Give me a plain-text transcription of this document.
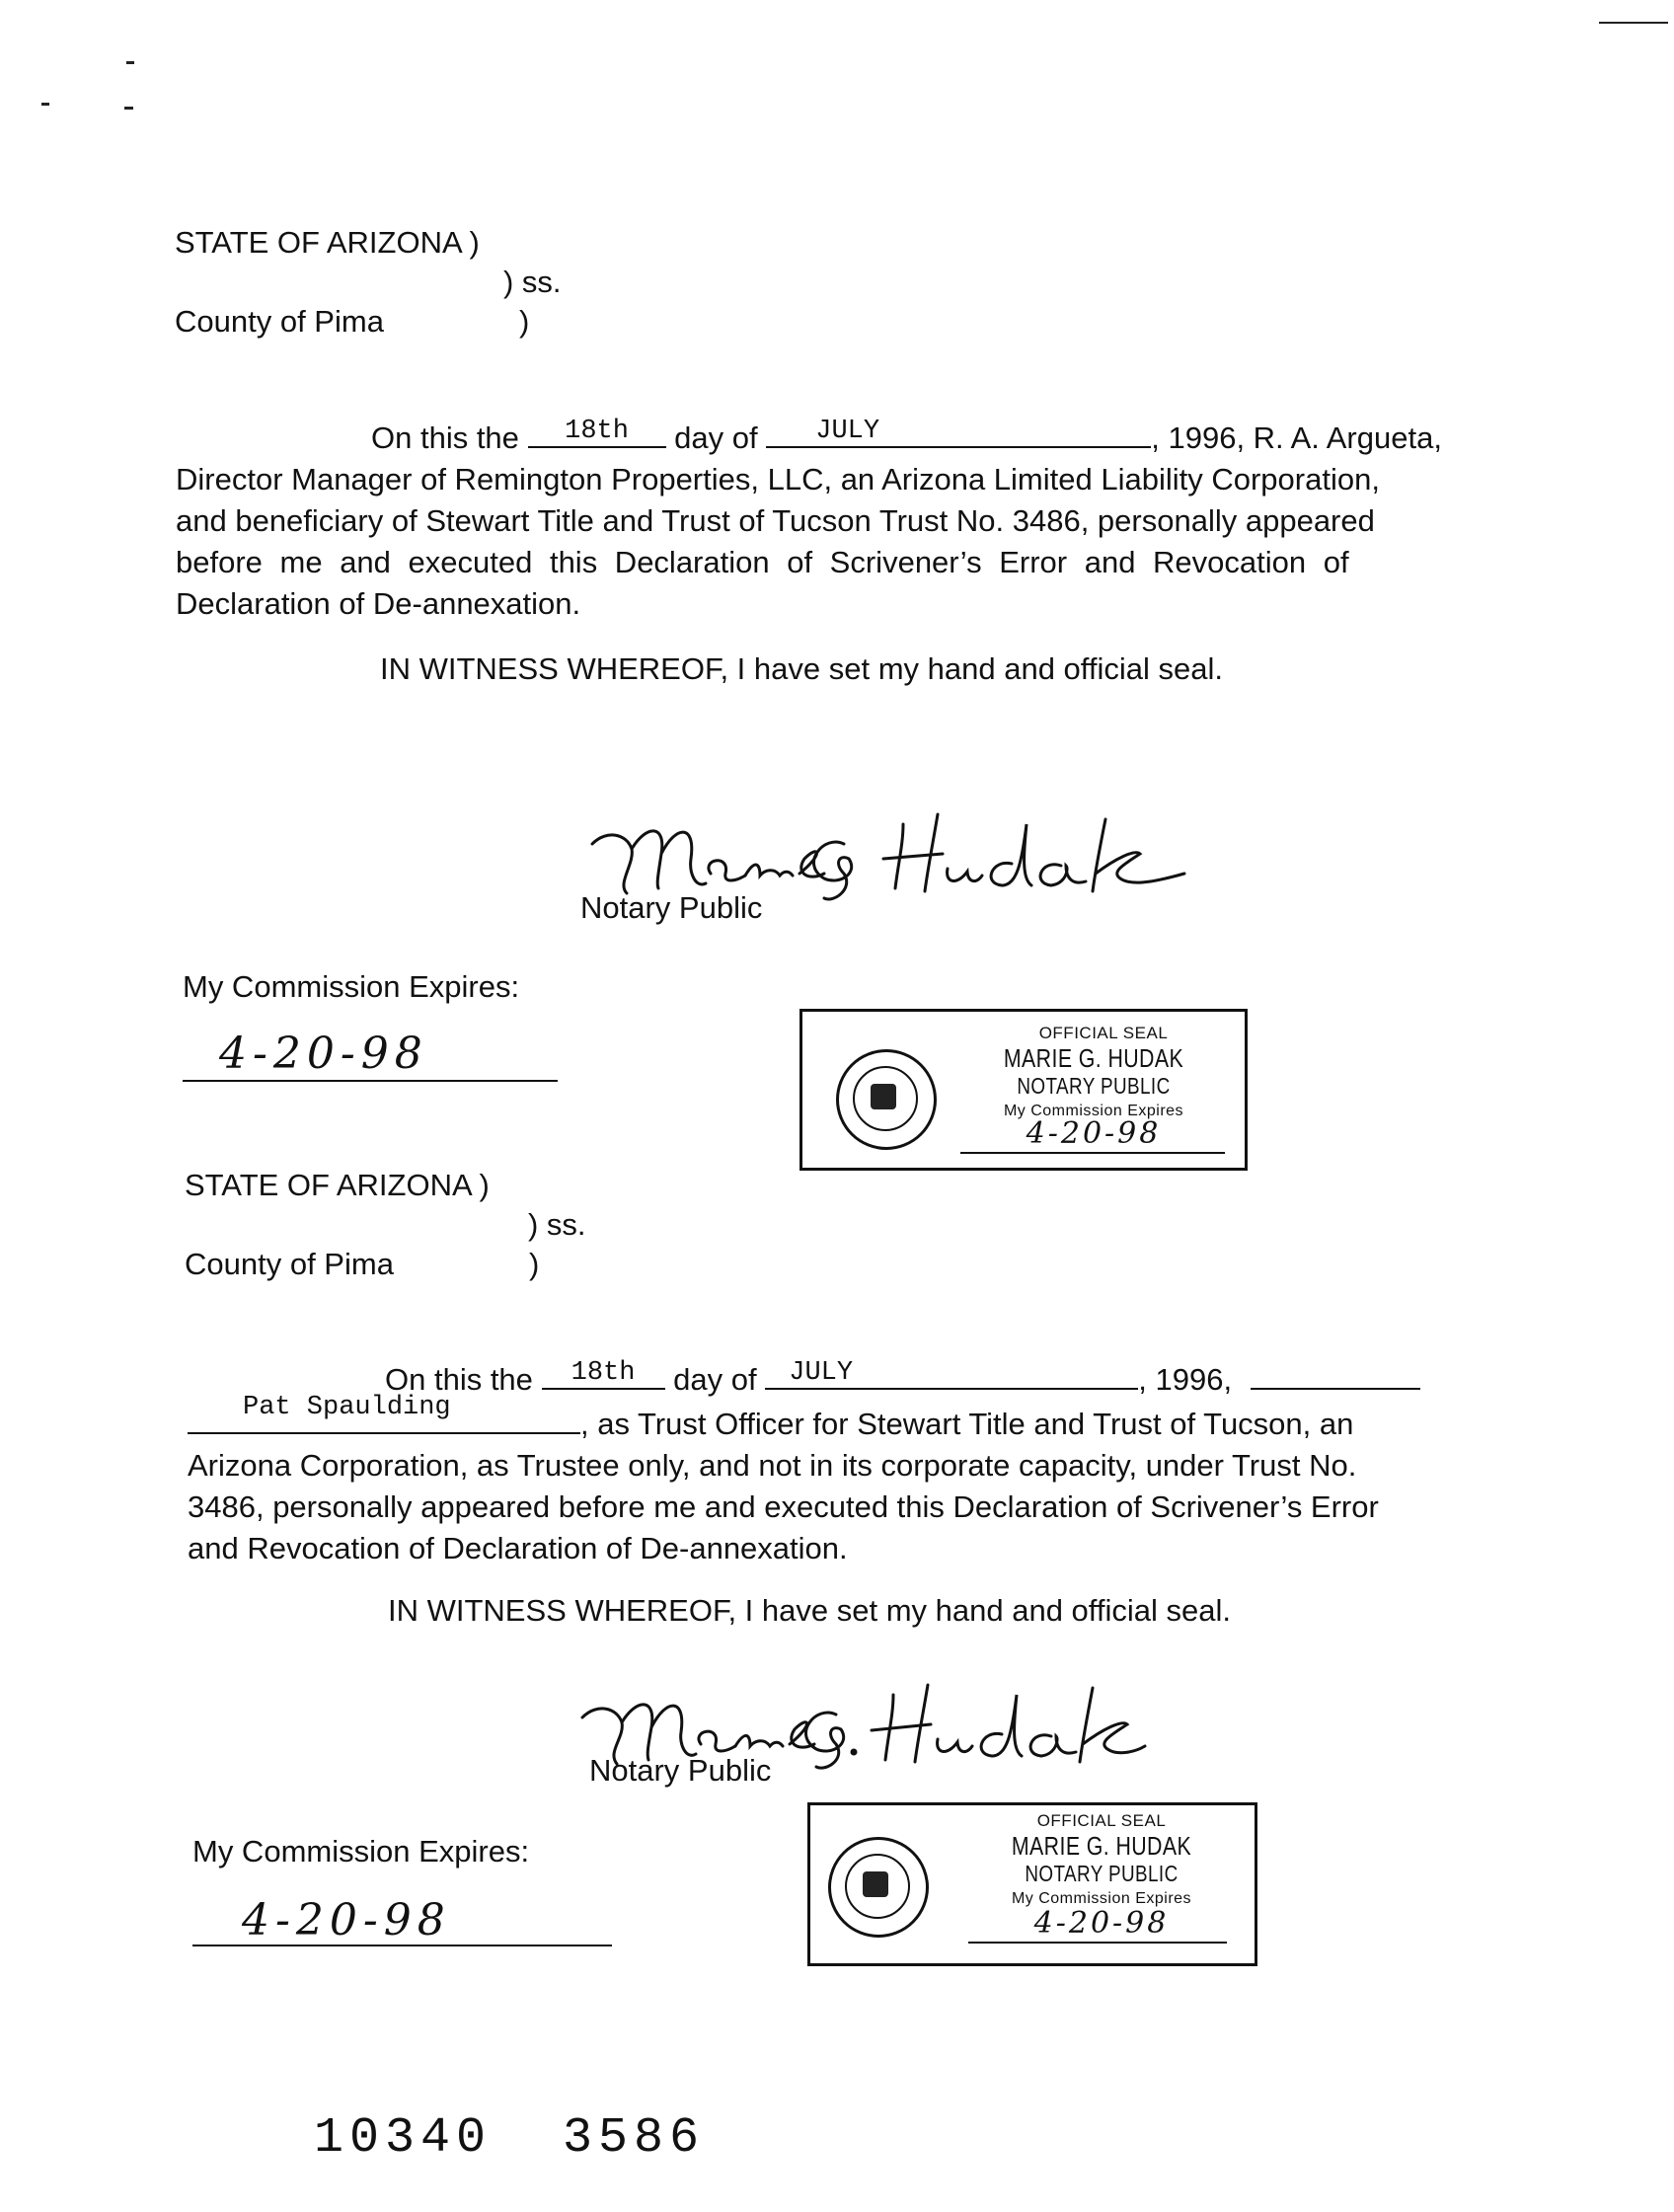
STATE OF ARIZONA )
) ss.
County of Pima	)
On this the	18th	day of JULY	, 1996, R. A. Argueta,
Director Manager of Remington Properties, LLC, an Arizona Limited Liability Corporation,
and beneficiary of Stewart Title and Trust of Tucson Trust No. 3486, personally appeared
before me and executed this Declaration of Scrivener’s Error and Revocation of
Declaration of De-annexation.
IN WITNESS WHEREOF, I have set my hand and official seal.
Notary Public
My Commission Expires:
4-20-98	OFFICIAL SEAL
MARIE G. HUDAK
NOTARY PUBLIC
My Commission Expires
4-20-98
STATE OF ARIZONA )
) ss.
County of Pima	)
On this the	18th	day of JULY	, 1996,
Pat Spaulding	, as Trust Officer for Stewart Title and Trust of Tucson, an
Arizona Corporation, as Trustee only, and not in its corporate capacity, under Trust No.
3486, personally appeared before me and executed this Declaration of Scrivener’s Error
and Revocation of Declaration of De-annexation.
IN WITNESS WHEREOF, I have set my hand and official seal.
Notary Public
My Commission Expires:
4-20-98
OFFICIAL SEAL
MARIE G. HUDAK
NOTARY PUBLIC
My Commission Expires
4-20-98
10340  3586
